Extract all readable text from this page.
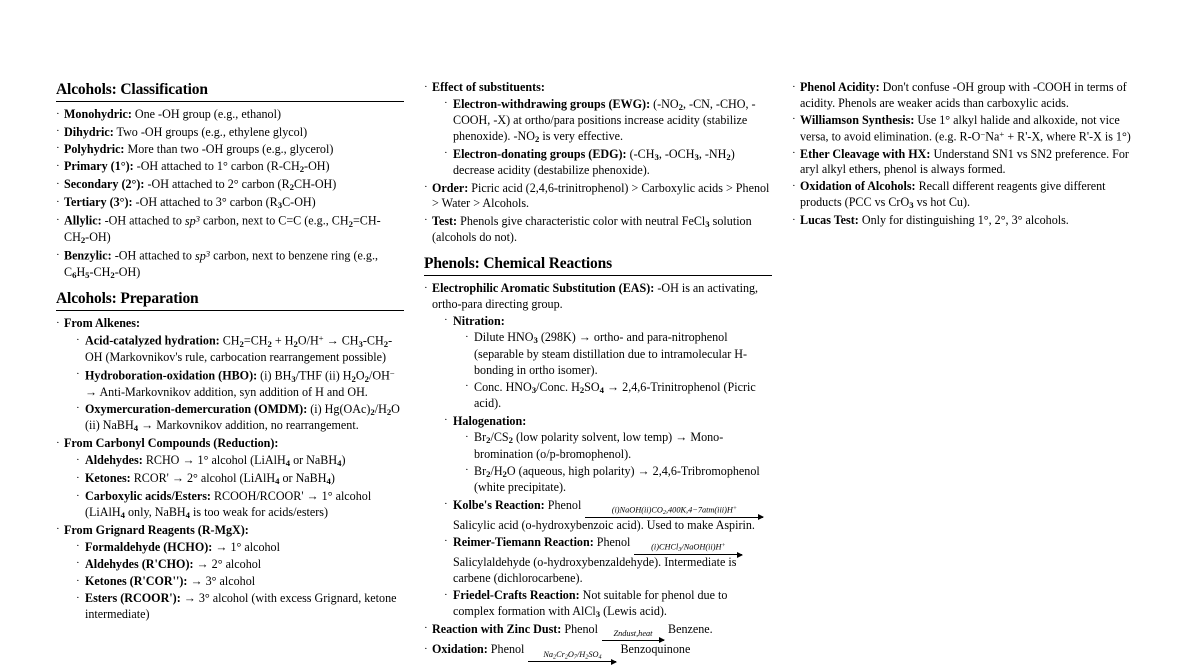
Alcohols: Classification
· Monohydric: One -OH group (e.g., ethanol)
· Dihydric: Two -OH groups (e.g., ethylene glycol)
· Polyhydric: More than two -OH groups (e.g., glycerol)
· Primary (1°): -OH attached to 1° carbon $(R-CH_2-OH)$
· Secondary (2°): -OH attached to 2° carbon $(R_2CH-OH)$
· Tertiary (3°): -OH attached to 3° carbon $(R_3C-OH)$
· Allylic: -OH attached to $sp^3$ carbon, next to C=C (e.g., $CH_2=CH-CH_2-OH$)
· Benzylic: -OH attached to $sp^3$ carbon, next to benzene ring (e.g., $C_6H_5-CH_2-OH$)
Alcohols: Preparation
· From Alkenes:
· Acid-catalyzed hydration: $CH_2=CH_2 + H_2O/H^+ \to CH_3-CH_2-OH$ (Markovnikov's rule, carbocation rearrangement possible)
· Hydroboration-oxidation (HBO): (i) $BH_3$/THF (ii) $H_2O_2/OH^-$ → Anti-Markovnikov addition, syn addition of H and OH.
· Oxymercuration-demercuration (OMDM): (i) $Hg(OAc)_2/H_2O$ (ii) NaBH$_4$ → Markovnikov addition, no rearrangement.
· From Carbonyl Compounds (Reduction):
· Aldehydes: RCHO → 1° alcohol (LiAlH$_4$ or NaBH$_4$)
· Ketones: RCOR' → 2° alcohol (LiAlH$_4$ or NaBH$_4$)
· Carboxylic acids/Esters: RCOOH/RCOOR' → 1° alcohol (LiAlH$_4$ only, NaBH$_4$ is too weak for acids/esters)
· From Grignard Reagents (R-MgX):
· Formaldehyde (HCHO): → 1° alcohol
· Aldehydes (R'CHO): → 2° alcohol
· Ketones (R'COR''): → 3° alcohol
· Esters (RCOOR'): → 3° alcohol (with excess Grignard, ketone intermediate)
· Effect of substituents:
· Electron-withdrawing groups (EWG): ($-NO_2$, -CN, -CHO, -COOH, -X) at ortho/para positions increase acidity (stabilize phenoxide). $-NO_2$ is very effective.
· Electron-donating groups (EDG): ($-CH_3$, $-OCH_3$, $-NH_2$) decrease acidity (destabilize phenoxide).
· Order: Picric acid (2,4,6-trinitrophenol) > Carboxylic acids > Phenol > Water > Alcohols.
· Test: Phenols give characteristic color with neutral FeCl$_3$ solution (alcohols do not).
Phenols: Chemical Reactions
· Electrophilic Aromatic Substitution (EAS): -OH is an activating, ortho-para directing group.
· Nitration:
· Dilute $HNO_3$ (298K) → ortho- and para-nitrophenol (separable by steam distillation due to intramolecular H-bonding in ortho isomer).
· Conc. $HNO_3$/Conc. $H_2SO_4$ → 2,4,6-Trinitrophenol (Picric acid).
· Halogenation:
· $Br_2/CS_2$ (low polarity solvent, low temp) → Mono-bromination (o/p-bromophenol).
· $Br_2/H_2O$ (aqueous, high polarity) → 2,4,6-Tribromophenol (white precipitate).
· Kolbe's Reaction: Phenol	$(i)NaOH(ii)CO_2,400K,4-7atm(iii)H^+$
Salicylic acid (o-hydroxybenzoic acid). Used to make Aspirin.
· Reimer-Tiemann Reaction: Phenol	(i)CHCl$_3$/NaOH(ii)H+
Salicylaldehyde (o-hydroxybenzaldehyde). Intermediate is carbene (dichlorocarbene).
· Friedel-Crafts Reaction: Not suitable for phenol due to complex formation with AlCl$_3$ (Lewis acid).
· Reaction with Zinc Dust: Phenol	Zndust,heat	Benzene.
· Oxidation: Phenol	$Na_2Cr_2O_7/H_2SO_4$
Benzoquinone
· Phenol Acidity: Don't confuse -OH group with -COOH in terms of acidity. Phenols are weaker acids than carboxylic acids.
· Williamson Synthesis: Use 1° alkyl halide and alkoxide, not vice versa, to avoid elimination. (e.g. R-O−Na+ + R'-X, where R'-X is 1°)
· Ether Cleavage with HX: Understand SN1 vs SN2 preference. For aryl alkyl ethers, phenol is always formed.
· Oxidation of Alcohols: Recall different reagents give different products (PCC vs CrO$_3$ vs hot Cu).
· Lucas Test: Only for distinguishing 1°, 2°, 3° alcohols.
